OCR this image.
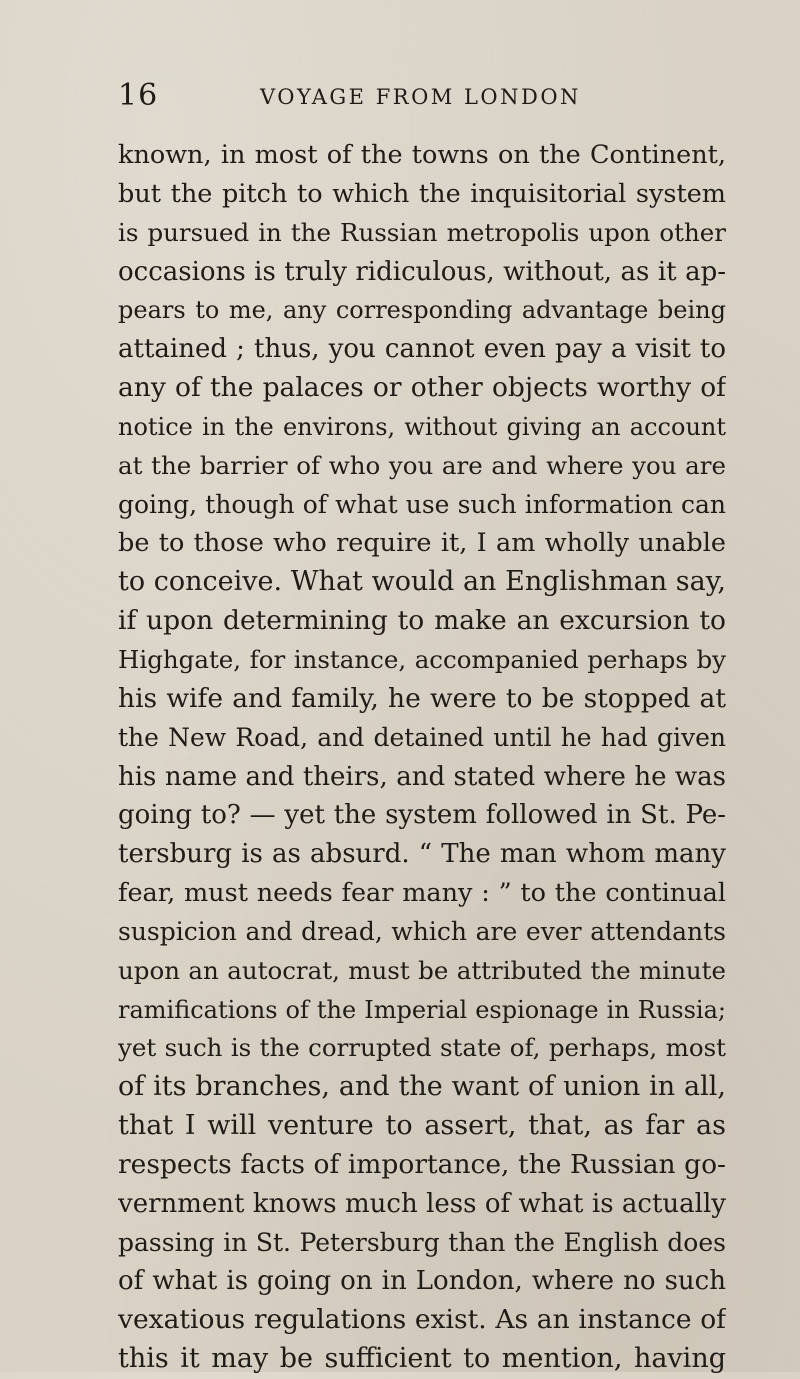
16	VOYAGE FROM LONDON
known, in most of the towns on the Continent,
but the pitch to which the inquisitorial system
is pursued in the Russian metropolis upon other
occasions is truly ridiculous, without, as it ap-
pears to me, any corresponding advantage being
attained ; thus, you cannot even pay a visit to
any of the palaces or other objects worthy of
notice in the environs, without giving an account
at the barrier of who you are and where you are
going, though of what use such information can
be to those who require it, I am wholly unable
to conceive. What would an Englishman say,
if upon determining to make an excursion to
Highgate, for instance, accompanied perhaps by
his wife and family, he were to be stopped at
the New Road, and detained until he had given
his name and theirs, and stated where he was
going to? — yet the system followed in St. Pe-
tersburg is as absurd. “ The man whom many
fear, must needs fear many : ” to the continual
suspicion and dread, which are ever attendants
upon an autocrat, must be attributed the minute
ramifications of the Imperial espionage in Russia;
yet such is the corrupted state of, perhaps, most
of its branches, and the want of union in all,
that I will venture to assert, that, as far as
respects facts of importance, the Russian go-
vernment knows much less of what is actually
passing in St. Petersburg than the English does
of what is going on in London, where no such
vexatious regulations exist. As an instance of
this it may be sufficient to mention, having
